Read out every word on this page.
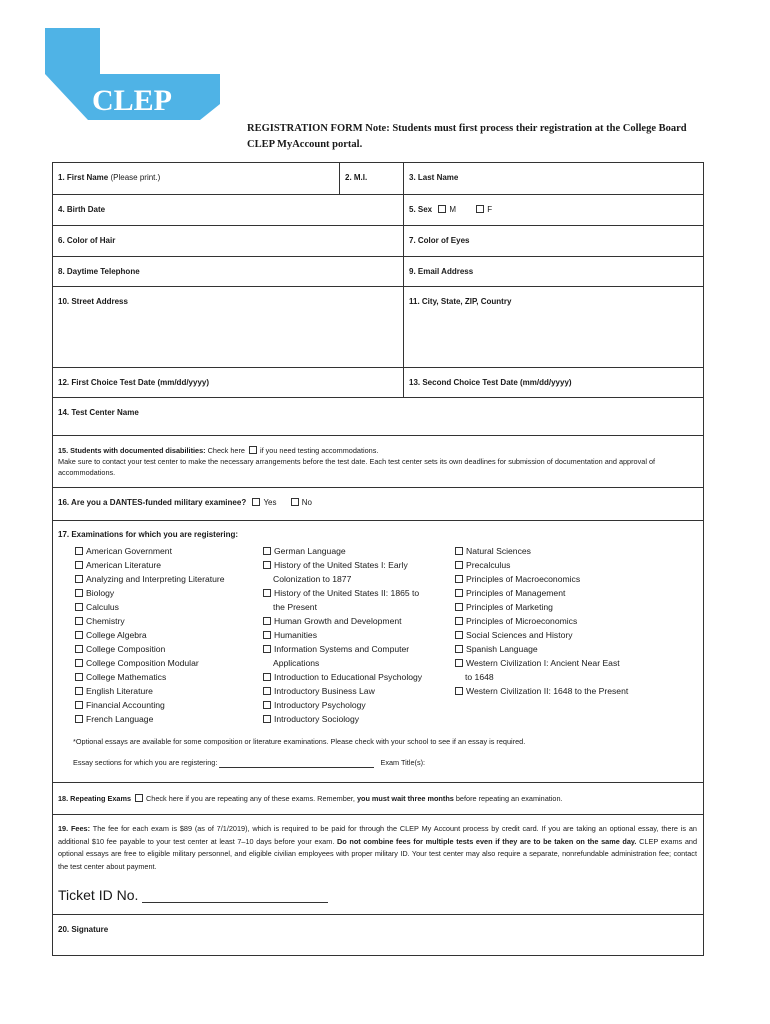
CLEP
REGISTRATION FORM Note: Students must first process their registration at the College Board CLEP MyAccount portal.
1. First Name (Please print.)	2. M.I.	3. Last Name
4. Birth Date	5. Sex M	F
6. Color of Hair	7. Color of Eyes
8. Daytime Telephone	9. Email Address
10. Street Address	11. City, State, ZIP, Country
12. First Choice Test Date (mm/dd/yyyy)	13. Second Choice Test Date (mm/dd/yyyy)
14. Test Center Name
15. Students with documented disabilities: Check here if you need testing accommodations.
Make sure to contact your test center to make the necessary arrangements before the test date. Each test center sets its own deadlines for submission of documentation and approval of accommodations.
16. Are you a DANTES-funded military examinee? Yes	No
17. Examinations for which you are registering:
American Government
American Literature
Analyzing and Interpreting Literature
Biology
Calculus
Chemistry
College Algebra
College Composition
College Composition Modular
College Mathematics
English Literature
Financial Accounting
French Language
German Language
History of the United States I: Early
Colonization to 1877
History of the United States II: 1865 to
the Present
Human Growth and Development
Humanities
Information Systems and Computer
Applications
Introduction to Educational Psychology
Introductory Business Law
Introductory Psychology
Introductory Sociology
Natural Sciences
Precalculus
Principles of Macroeconomics
Principles of Management
Principles of Marketing
Principles of Microeconomics
Social Sciences and History
Spanish Language
Western Civilization I: Ancient Near East
to 1648
Western Civilization II: 1648 to the Present
*Optional essays are available for some composition or literature examinations. Please check with your school to see if an essay is required.
Essay sections for which you are registering:	Exam Title(s):
18. Repeating Exams Check here if you are repeating any of these exams. Remember, you must wait three months before repeating an examination.
19. Fees: The fee for each exam is $89 (as of 7/1/2019), which is required to be paid for through the CLEP My Account process by credit card. If you are taking an optional essay, there is an additional $10 fee payable to your test center at least 7–10 days before your exam. Do not combine fees for multiple tests even if they are to be taken on the same day. CLEP exams and optional essays are free to eligible military personnel, and eligible civilian employees with proper military ID. Your test center may also require a separate, nonrefundable administration fee; contact the test center about payment.
Ticket ID No.
20. Signature
